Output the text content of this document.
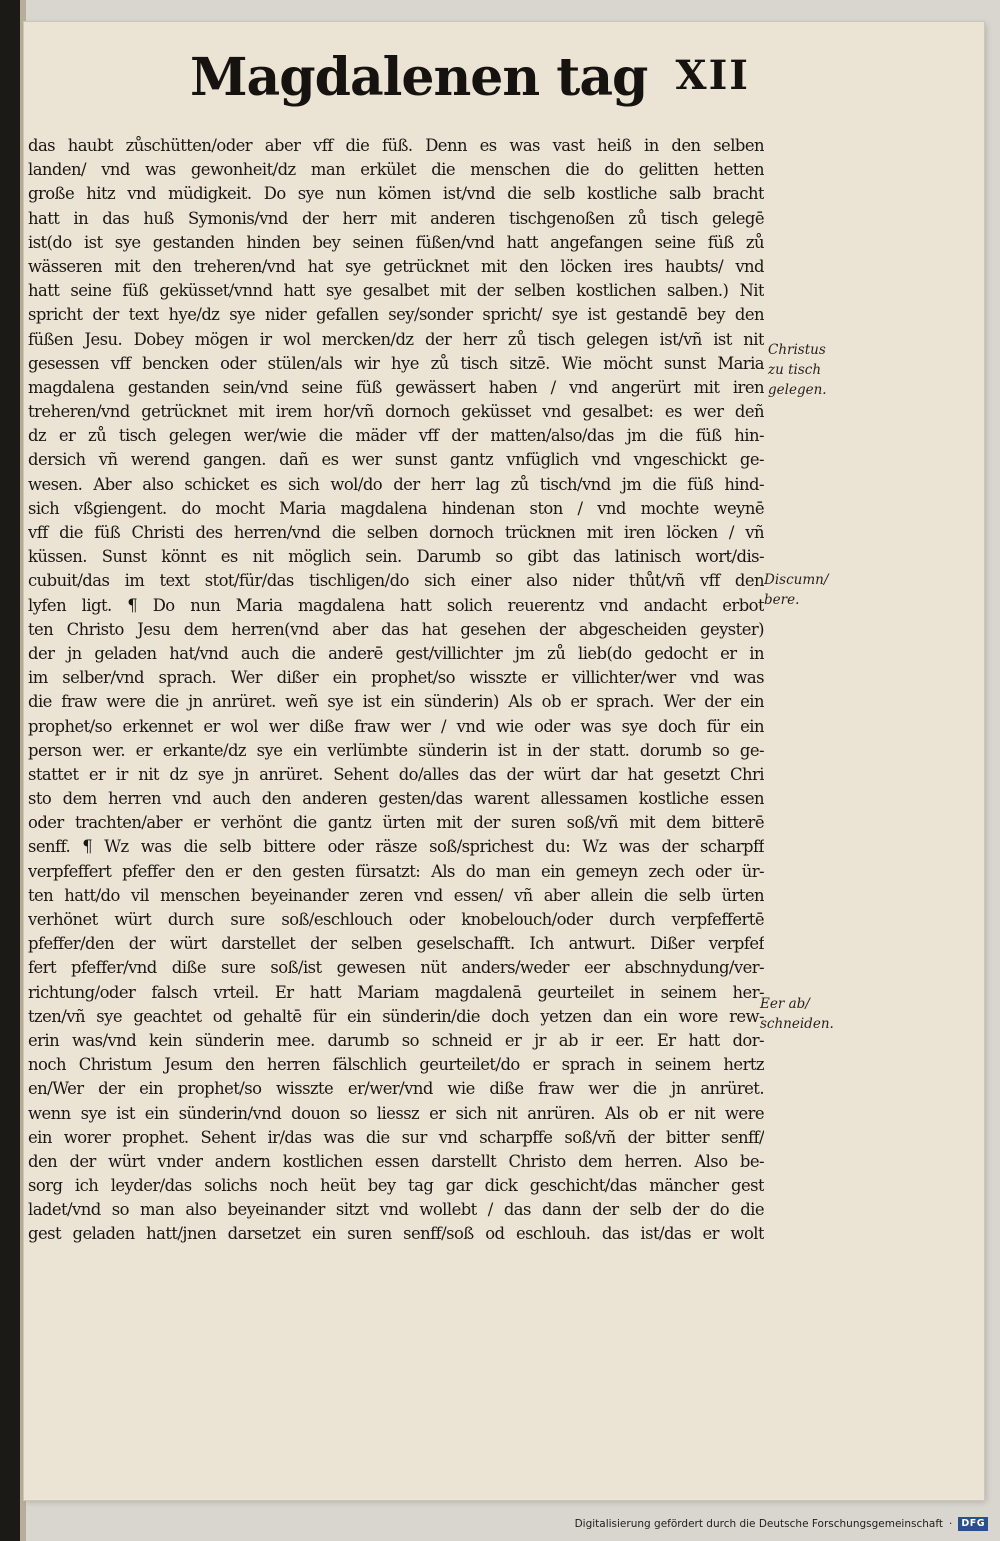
Magdalenen tag XII
das haubt zůschütten/oder aber vff die füß. Denn es was vast heiß in den selben
landen/ vnd was gewonheit/dz man erkület die menschen die do gelitten hetten
große hitz vnd müdigkeit. Do sye nun kömen ist/vnd die selb kostliche salb bracht
hatt in das huß Symonis/vnd der herr mit anderen tischgenoßen zů tisch gelegē
ist(do ist sye gestanden hinden bey seinen füßen/vnd hatt angefangen seine füß zů
wässeren mit den treheren/vnd hat sye getrücknet mit den löcken ires haubts/ vnd
hatt seine füß geküsset/vnnd hatt sye gesalbet mit der selben kostlichen salben.) Nit
spricht der text hye/dz sye nider gefallen sey/sonder spricht/ sye ist gestandē bey den
füßen Jesu. Dobey mögen ir wol mercken/dz der herr zů tisch gelegen ist/vñ ist nit
gesessen vff bencken oder stülen/als wir hye zů tisch sitzē. Wie möcht sunst Maria
magdalena gestanden sein/vnd seine füß gewässert haben / vnd angerürt mit iren
treheren/vnd getrücknet mit irem hor/vñ dornoch geküsset vnd gesalbet: es wer deñ
dz er zů tisch gelegen wer/wie die mäder vff der matten/also/das jm die füß hin-
dersich vñ werend gangen. dañ es wer sunst gantz vnfüglich vnd vngeschickt ge-
wesen. Aber also schicket es sich wol/do der herr lag zů tisch/vnd jm die füß hind-
sich vßgiengent. do mocht Maria magdalena hindenan ston / vnd mochte weynē
vff die füß Christi des herren/vnd die selben dornoch trücknen mit iren löcken / vñ
küssen. Sunst könnt es nit möglich sein. Darumb so gibt das latinisch wort/dis-
cubuit/das im text stot/für/das tischligen/do sich einer also nider thůt/vñ vff den
lyfen ligt. ¶ Do nun Maria magdalena hatt solich reuerentz vnd andacht erbot
ten Christo Jesu dem herren(vnd aber das hat gesehen der abgescheiden geyster)
der jn geladen hat/vnd auch die anderē gest/villichter jm zů lieb(do gedocht er in
im selber/vnd sprach. Wer dißer ein prophet/so wisszte er villichter/wer vnd was
die fraw were die jn anrüret. weñ sye ist ein sünderin) Als ob er sprach. Wer der ein
prophet/so erkennet er wol wer diße fraw wer / vnd wie oder was sye doch für ein
person wer. er erkante/dz sye ein verlümbte sünderin ist in der statt. dorumb so ge-
stattet er ir nit dz sye jn anrüret. Sehent do/alles das der würt dar hat gesetzt Chri
sto dem herren vnd auch den anderen gesten/das warent allessamen kostliche essen
oder trachten/aber er verhönt die gantz ürten mit der suren soß/vñ mit dem bitterē
senff. ¶ Wz was die selb bittere oder räsze soß/sprichest du: Wz was der scharpff
verpfeffert pfeffer den er den gesten fürsatzt: Als do man ein gemeyn zech oder ür-
ten hatt/do vil menschen beyeinander zeren vnd essen/ vñ aber allein die selb ürten
verhönet würt durch sure soß/eschlouch oder knobelouch/oder durch verpfeffertē
pfeffer/den der würt darstellet der selben geselschafft. Ich antwurt. Dißer verpfef
fert pfeffer/vnd diße sure soß/ist gewesen nüt anders/weder eer abschnydung/ver-
richtung/oder falsch vrteil. Er hatt Mariam magdalenā geurteilet in seinem her-
tzen/vñ sye geachtet od gehaltē für ein sünderin/die doch yetzen dan ein wore rew-
erin was/vnd kein sünderin mee. darumb so schneid er jr ab ir eer. Er hatt dor-
noch Christum Jesum den herren fälschlich geurteilet/do er sprach in seinem hertz
en/Wer der ein prophet/so wisszte er/wer/vnd wie diße fraw wer die jn anrüret.
wenn sye ist ein sünderin/vnd douon so liessz er sich nit anrüren. Als ob er nit were
ein worer prophet. Sehent ir/das was die sur vnd scharpffe soß/vñ der bitter senff/
den der würt vnder andern kostlichen essen darstellt Christo dem herren. Also be-
sorg ich leyder/das solichs noch heüt bey tag gar dick geschicht/das mäncher gest
ladet/vnd so man also beyeinander sitzt vnd wollebt / das dann der selb der do die
gest geladen hatt/jnen darsetzet ein suren senff/soß od eschlouh. das ist/das er wolt
Christus
zu tisch
gelegen.
Discumn/
bere.
Eer ab/
schneiden.
Digitalisierung gefördert durch die Deutsche Forschungsgemeinschaft · DFG
